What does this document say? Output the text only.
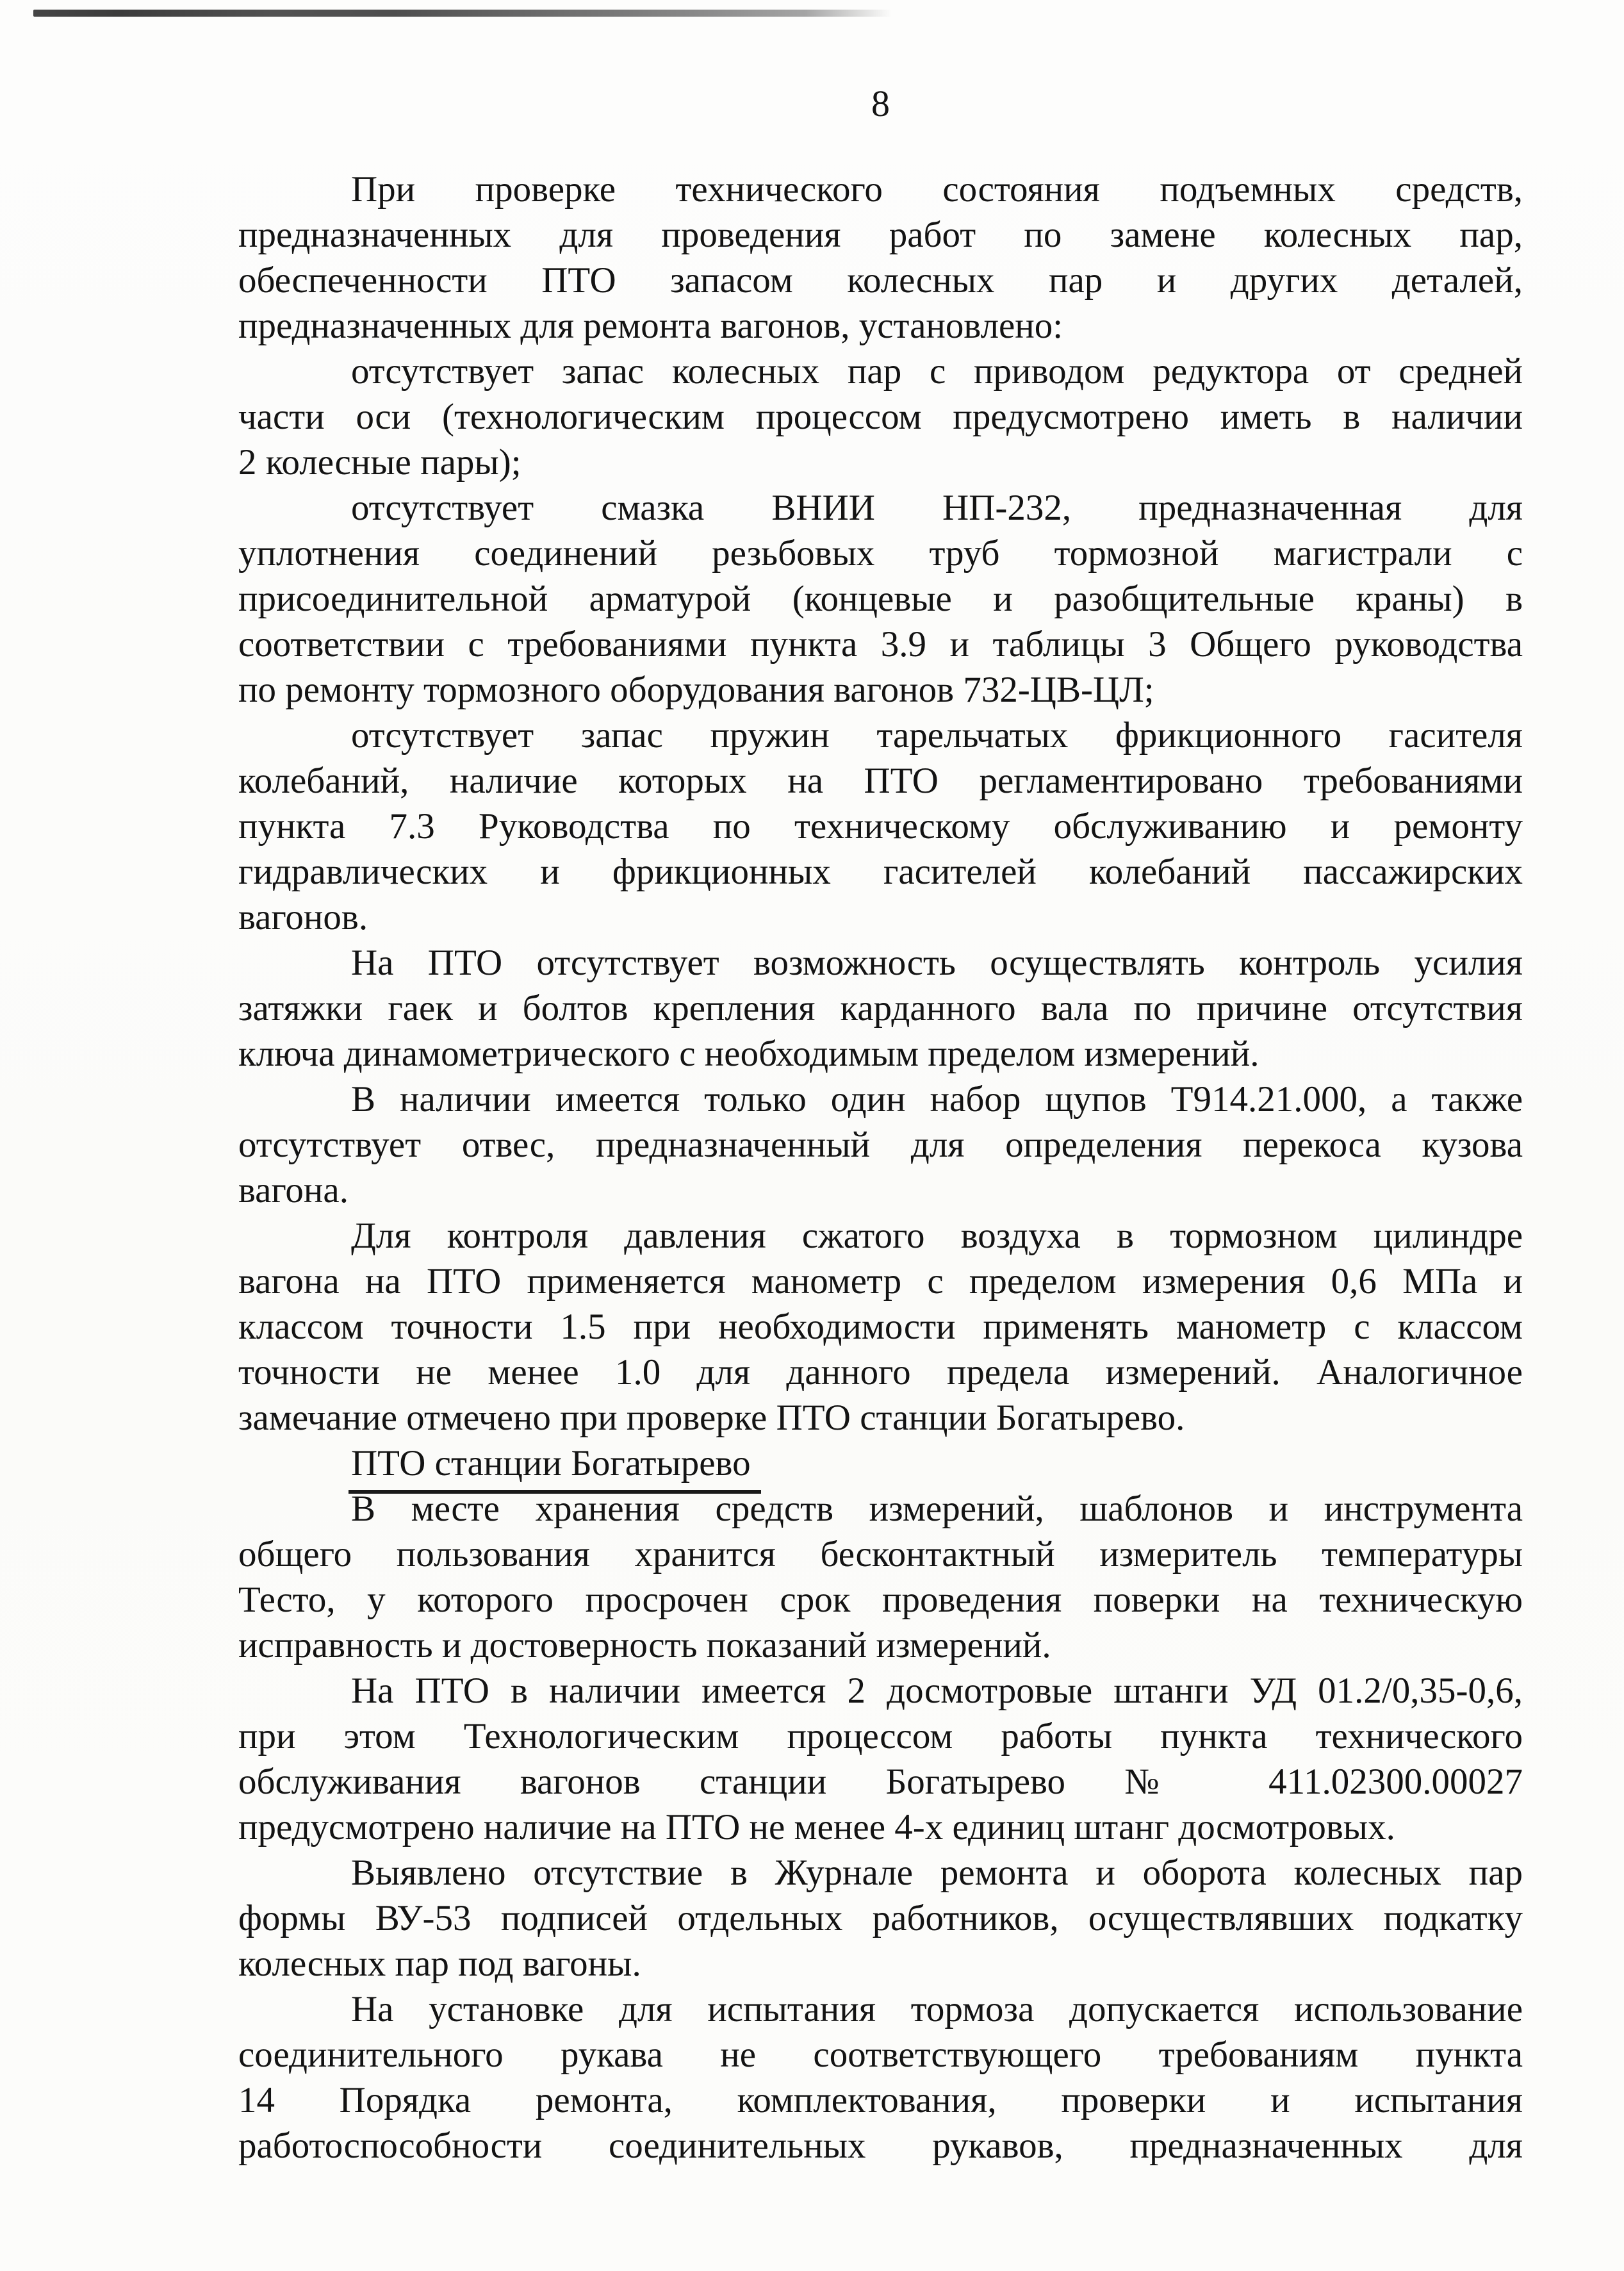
8
При проверке технического состояния подъемных средств,
предназначенных для проведения работ по замене колесных пар,
обеспеченности ПТО запасом колесных пар и других деталей,
предназначенных для ремонта вагонов, установлено:
отсутствует запас колесных пар с приводом редуктора от средней
части оси (технологическим процессом предусмотрено иметь в наличии
2 колесные пары);
отсутствует смазка ВНИИ НП-232, предназначенная для
уплотнения соединений резьбовых труб тормозной магистрали с
присоединительной арматурой (концевые и разобщительные краны) в
соответствии с требованиями пункта 3.9 и таблицы 3 Общего руководства
по ремонту тормозного оборудования вагонов 732-ЦВ-ЦЛ;
отсутствует запас пружин тарельчатых фрикционного гасителя
колебаний, наличие которых на ПТО регламентировано требованиями
пункта 7.3 Руководства по техническому обслуживанию и ремонту
гидравлических и фрикционных гасителей колебаний пассажирских
вагонов.
На ПТО отсутствует возможность осуществлять контроль усилия
затяжки гаек и болтов крепления карданного вала по причине отсутствия
ключа динамометрического с необходимым пределом измерений.
В наличии имеется только один набор щупов Т914.21.000, а также
отсутствует отвес, предназначенный для определения перекоса кузова
вагона.
Для контроля давления сжатого воздуха в тормозном цилиндре
вагона на ПТО применяется манометр с пределом измерения 0,6 МПа и
классом точности 1.5 при необходимости применять манометр с классом
точности не менее 1.0 для данного предела измерений. Аналогичное
замечание отмечено при проверке ПТО станции Богатырево.
ПТО станции Богатырево
В месте хранения средств измерений, шаблонов и инструмента
общего пользования хранится бесконтактный измеритель температуры
Тесто, у которого просрочен срок проведения поверки на техническую
исправность и достоверность показаний измерений.
На ПТО в наличии имеется 2 досмотровые штанги УД 01.2/0,35-0,6,
при этом Технологическим процессом работы пункта технического
обслуживания вагонов станции Богатырево № 411.02300.00027
предусмотрено наличие на ПТО не менее 4-х единиц штанг досмотровых.
Выявлено отсутствие в Журнале ремонта и оборота колесных пар
формы ВУ-53 подписей отдельных работников, осуществлявших подкатку
колесных пар под вагоны.
На установке для испытания тормоза допускается использование
соединительного рукава не соответствующего требованиям пункта
14 Порядка ремонта, комплектования, проверки и испытания
работоспособности соединительных рукавов, предназначенных для
